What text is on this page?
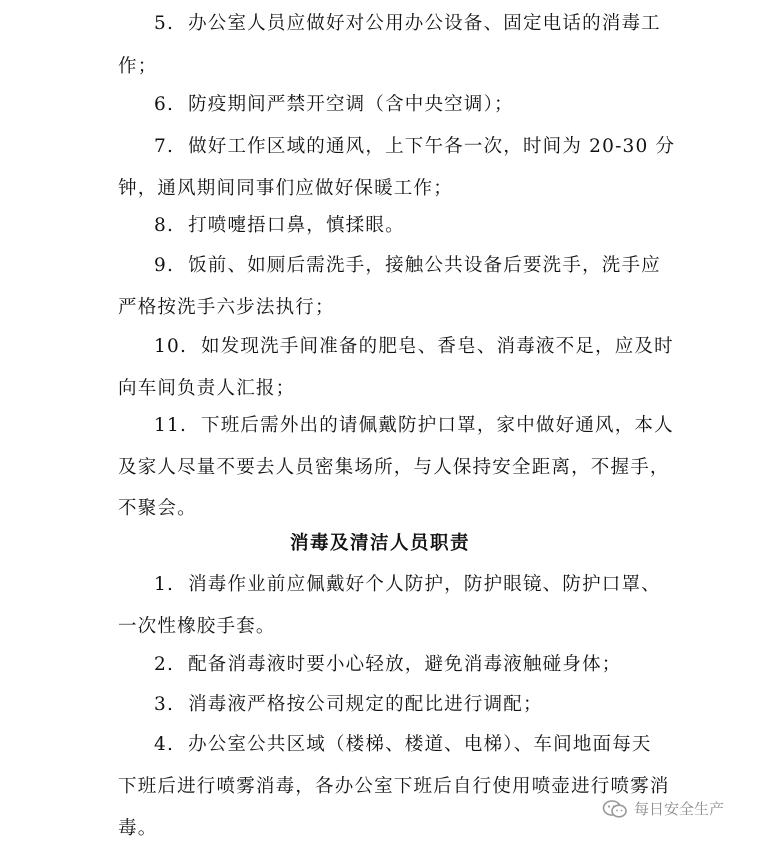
5. 办公室人员应做好对公用办公设备、固定电话的消毒工
作；
6. 防疫期间严禁开空调（含中央空调）；
7. 做好工作区域的通风，上下午各一次，时间为 20-30 分
钟，通风期间同事们应做好保暖工作；
8. 打喷嚏捂口鼻，慎揉眼。
9. 饭前、如厕后需洗手，接触公共设备后要洗手，洗手应
严格按洗手六步法执行；
10. 如发现洗手间准备的肥皂、香皂、消毒液不足，应及时
向车间负责人汇报；
11. 下班后需外出的请佩戴防护口罩，家中做好通风，本人
及家人尽量不要去人员密集场所，与人保持安全距离，不握手，
不聚会。
消毒及清洁人员职责
1. 消毒作业前应佩戴好个人防护，防护眼镜、防护口罩、
一次性橡胶手套。
2. 配备消毒液时要小心轻放，避免消毒液触碰身体；
3. 消毒液严格按公司规定的配比进行调配；
4. 办公室公共区域（楼梯、楼道、电梯）、车间地面每天
下班后进行喷雾消毒，各办公室下班后自行使用喷壶进行喷雾消
毒。
每日安全生产
